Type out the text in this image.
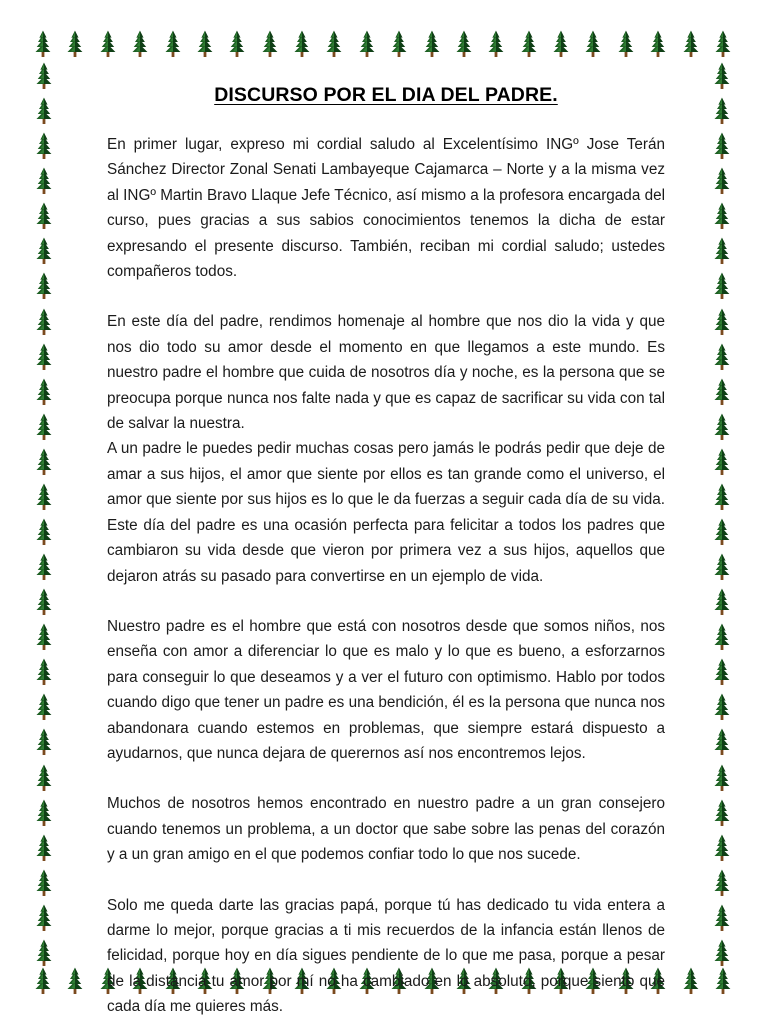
DISCURSO POR EL DIA DEL PADRE.

En primer lugar, expreso mi cordial saludo al Excelentísimo INGº Jose Terán Sánchez Director Zonal Senati Lambayeque Cajamarca – Norte y a la misma vez al INGº Martin Bravo Llaque Jefe Técnico, así mismo a la profesora encargada del curso, pues gracias a sus sabios conocimientos tenemos la dicha de estar expresando el presente discurso. También, reciban mi cordial saludo; ustedes compañeros todos.

En este día del padre, rendimos homenaje al hombre que nos dio la vida y que nos dio todo su amor desde el momento en que llegamos a este mundo. Es nuestro padre el hombre que cuida de nosotros día y noche, es la persona que se preocupa porque nunca nos falte nada y que es capaz de sacrificar su vida con tal de salvar la nuestra.

A un padre le puedes pedir muchas cosas pero jamás le podrás pedir que deje de amar a sus hijos, el amor que siente por ellos es tan grande como el universo, el amor que siente por sus hijos es lo que le da fuerzas a seguir cada día de su vida. Este día del padre es una ocasión perfecta para felicitar a todos los padres que cambiaron su vida desde que vieron por primera vez a sus hijos, aquellos que dejaron atrás su pasado para convertirse en un ejemplo de vida.

Nuestro padre es el hombre que está con nosotros desde que somos niños, nos enseña con amor a diferenciar lo que es malo y lo que es bueno, a esforzarnos para conseguir lo que deseamos y a ver el futuro con optimismo. Hablo por todos cuando digo que tener un padre es una bendición, él es la persona que nunca nos abandonara cuando estemos en problemas, que siempre estará dispuesto a ayudarnos, que nunca dejara de querernos así nos encontremos lejos.

Muchos de nosotros hemos encontrado en nuestro padre a un gran consejero cuando tenemos un problema, a un doctor que sabe sobre las penas del corazón y a un gran amigo en el que podemos confiar todo lo que nos sucede.

Solo me queda darte las gracias papá, porque tú has dedicado tu vida entera a darme lo mejor, porque gracias a ti mis recuerdos de la infancia están llenos de felicidad, porque hoy en día sigues pendiente de lo que me pasa, porque a pesar de la distancia tu amor por mí no ha cambiado en lo absoluto, porque siento que cada día me quieres más.
